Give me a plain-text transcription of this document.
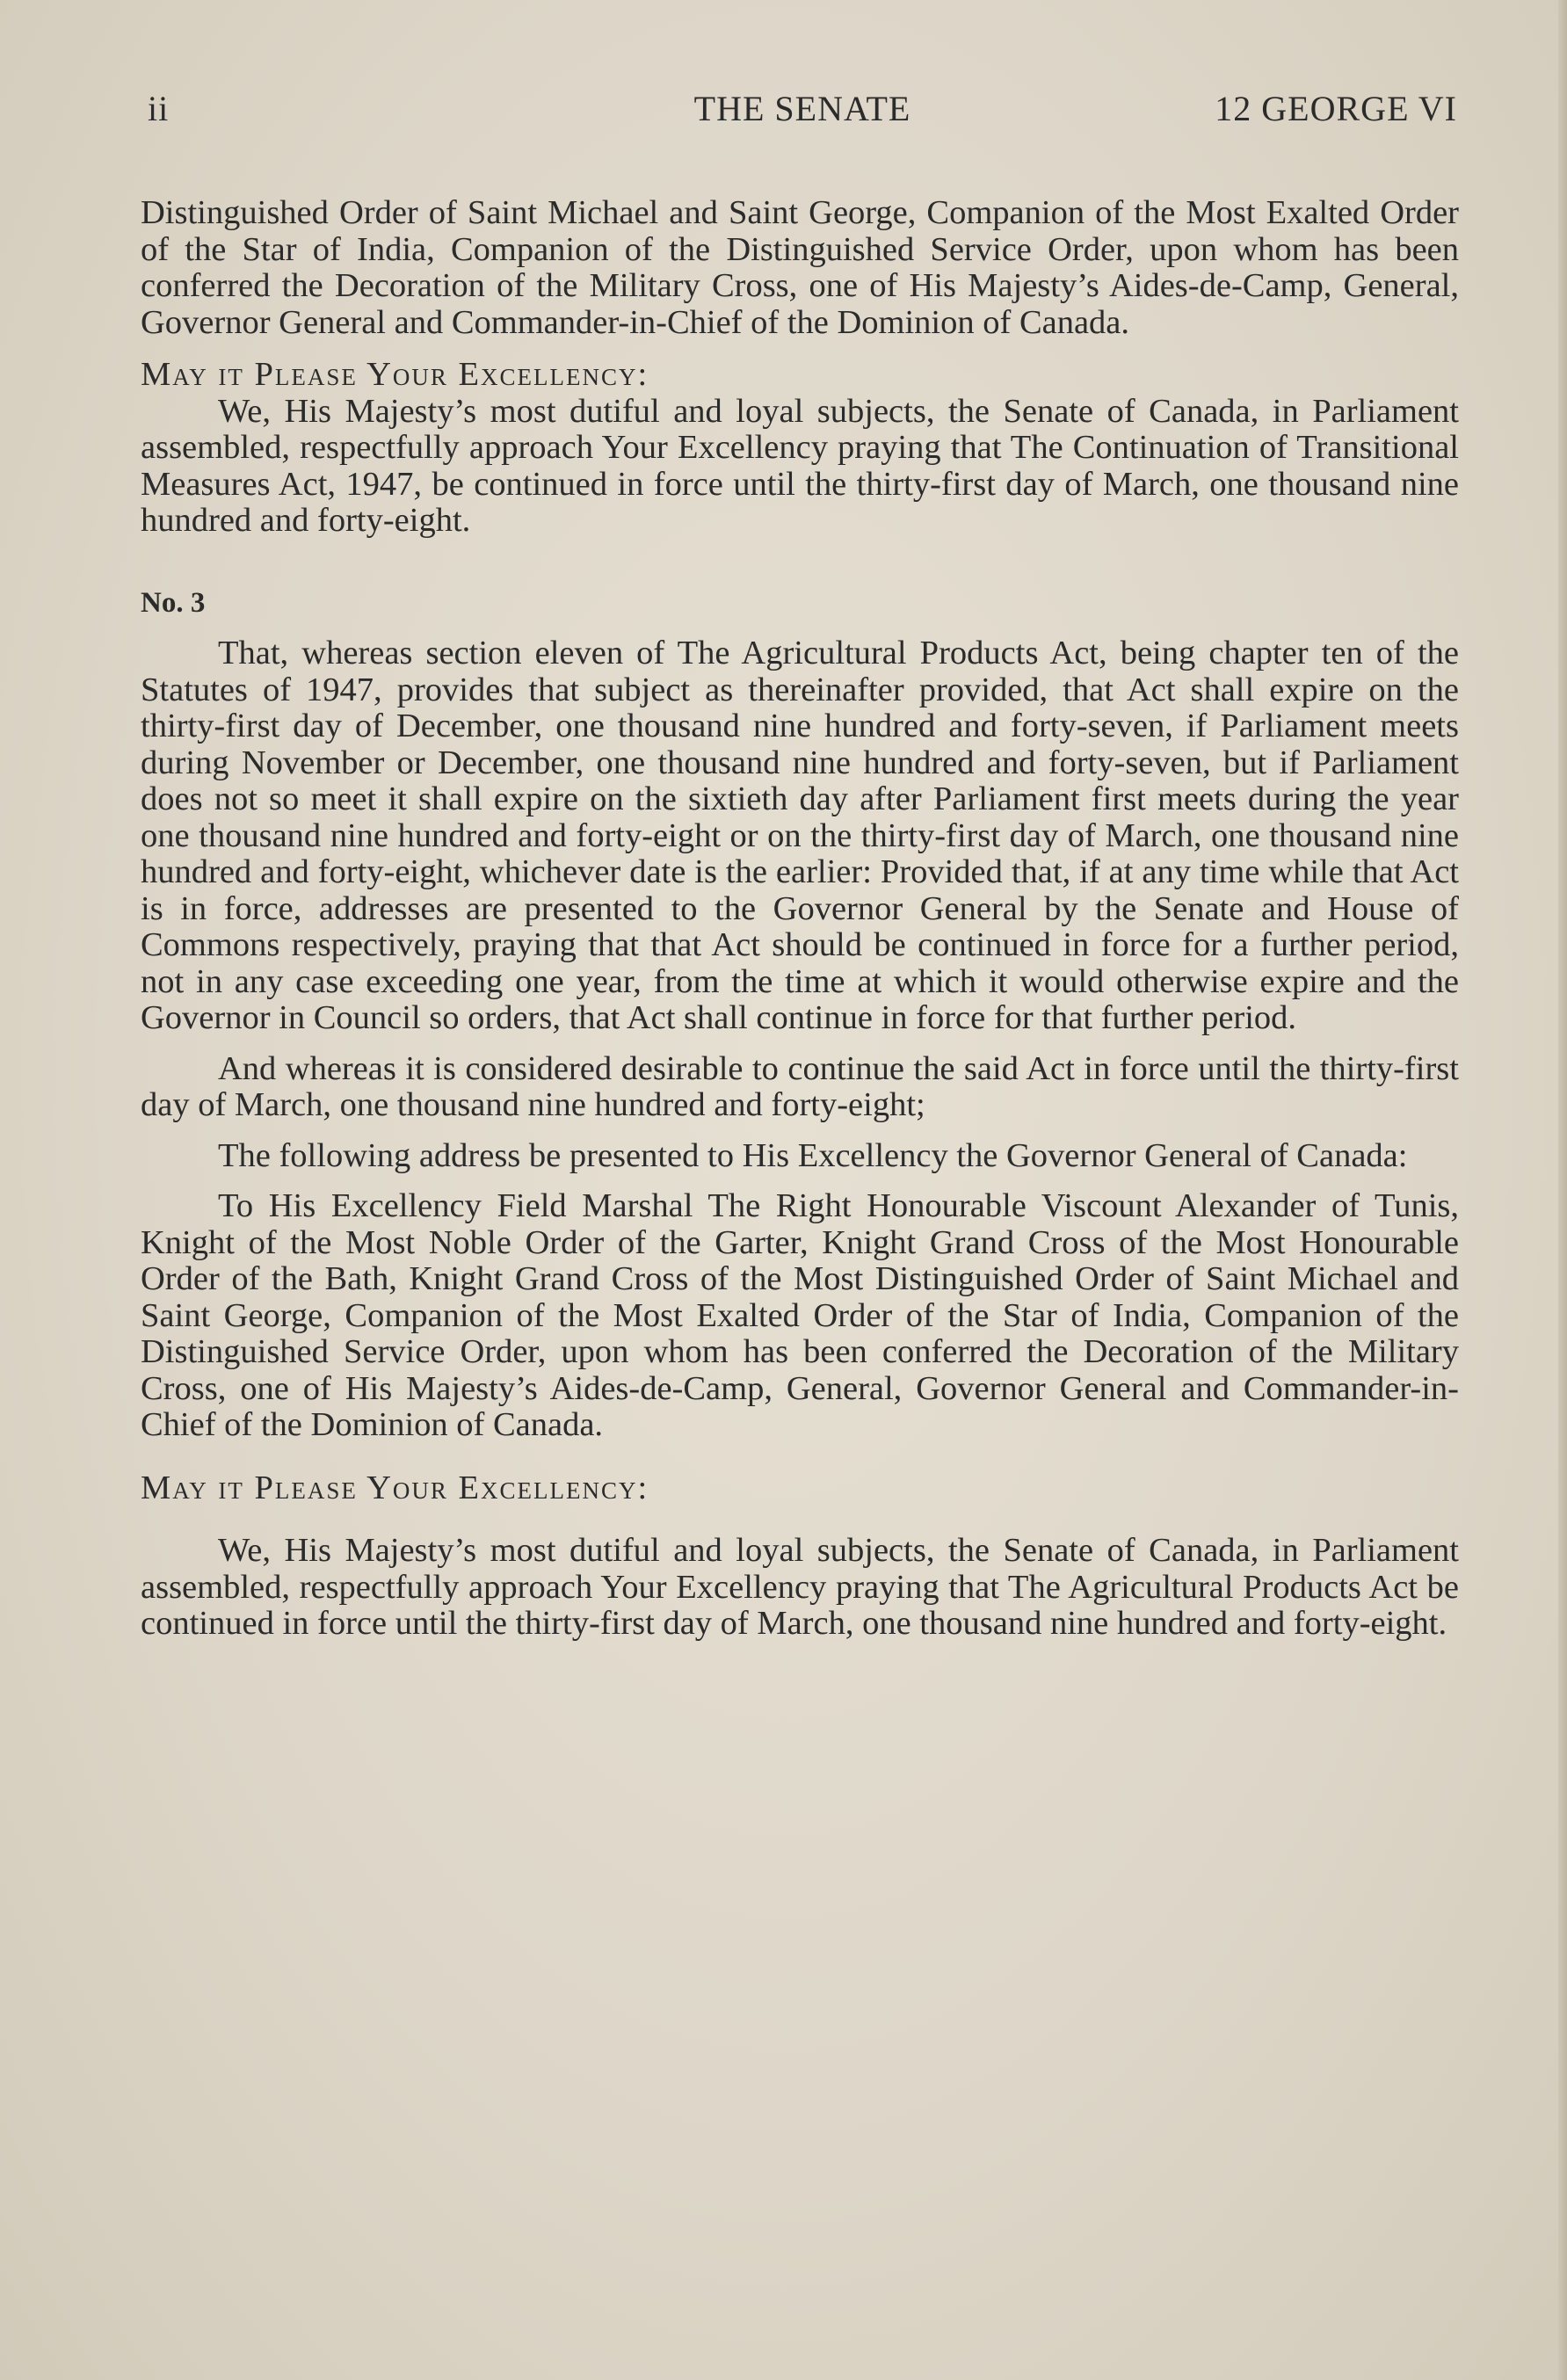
ii	THE SENATE	12 GEORGE VI

Distinguished Order of Saint Michael and Saint George, Companion of the Most Exalted Order of the Star of India, Companion of the Distinguished Service Order, upon whom has been conferred the Decoration of the Military Cross, one of His Majesty’s Aides-de-Camp, General, Governor General and Commander-in-Chief of the Dominion of Canada.

May it Please Your Excellency:

We, His Majesty’s most dutiful and loyal subjects, the Senate of Canada, in Parliament assembled, respectfully approach Your Excellency praying that The Continuation of Transitional Measures Act, 1947, be continued in force until the thirty-first day of March, one thousand nine hundred and forty-eight.

No. 3

That, whereas section eleven of The Agricultural Products Act, being chapter ten of the Statutes of 1947, provides that subject as thereinafter provided, that Act shall expire on the thirty-first day of December, one thousand nine hundred and forty-seven, if Parliament meets during November or December, one thousand nine hundred and forty-seven, but if Parliament does not so meet it shall expire on the sixtieth day after Parliament first meets during the year one thousand nine hundred and forty-eight or on the thirty-first day of March, one thousand nine hundred and forty-eight, whichever date is the earlier: Provided that, if at any time while that Act is in force, addresses are presented to the Governor General by the Senate and House of Commons respectively, praying that that Act should be continued in force for a further period, not in any case exceeding one year, from the time at which it would otherwise expire and the Governor in Council so orders, that Act shall continue in force for that further period.

And whereas it is considered desirable to continue the said Act in force until the thirty-first day of March, one thousand nine hundred and forty-eight;

The following address be presented to His Excellency the Governor General of Canada:

To His Excellency Field Marshal The Right Honourable Viscount Alexander of Tunis, Knight of the Most Noble Order of the Garter, Knight Grand Cross of the Most Honourable Order of the Bath, Knight Grand Cross of the Most Distinguished Order of Saint Michael and Saint George, Companion of the Most Exalted Order of the Star of India, Companion of the Distinguished Service Order, upon whom has been conferred the Decoration of the Military Cross, one of His Majesty’s Aides-de-Camp, General, Governor General and Commander-in-Chief of the Dominion of Canada.

May it Please Your Excellency:

We, His Majesty’s most dutiful and loyal subjects, the Senate of Canada, in Parliament assembled, respectfully approach Your Excellency praying that The Agricultural Products Act be continued in force until the thirty-first day of March, one thousand nine hundred and forty-eight.
